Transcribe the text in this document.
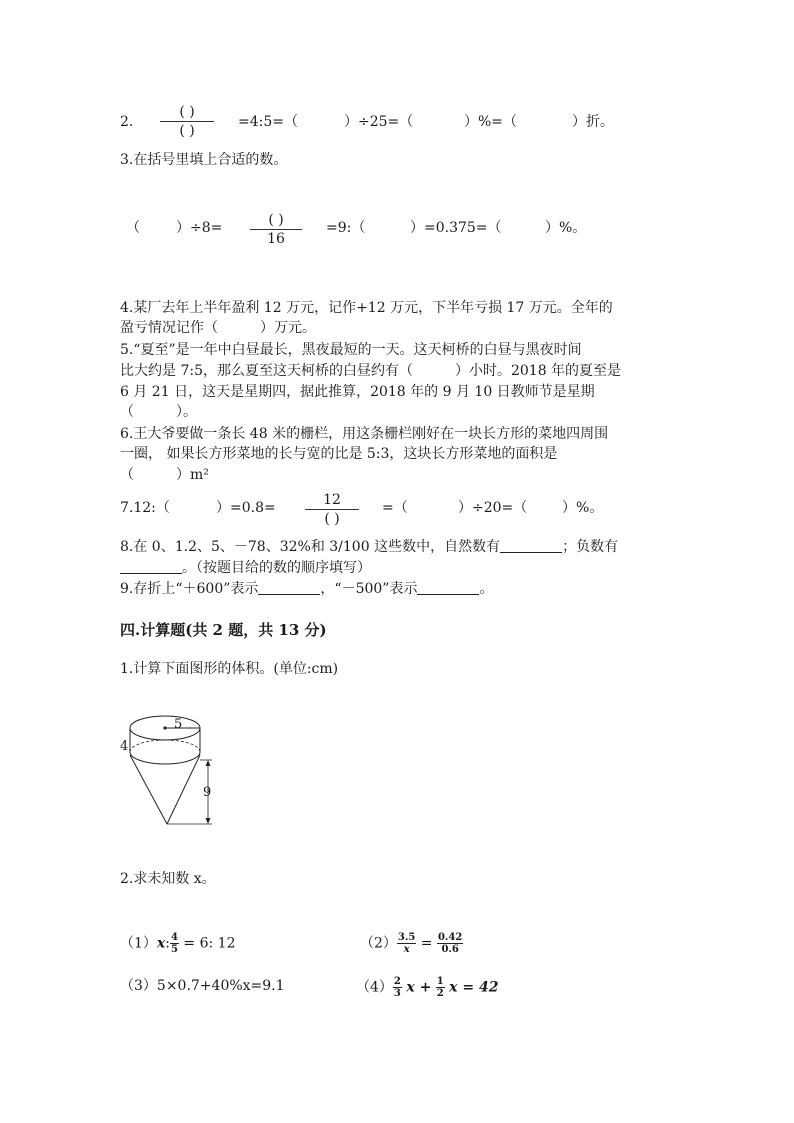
2.
( )
( )
=4:5=（	）÷25=（	）%=（	）折。
3.在括号里填上合适的数。
（	）÷8=	( )
16
=9:（	）=0.375=（	）%。
4.某厂去年上半年盈利 12 万元，记作+12 万元，下半年亏损 17 万元。全年的
盈亏情况记作（　　　）万元。
5.“夏至”是一年中白昼最长，黑夜最短的一天。这天柯桥的白昼与黑夜时间
比大约是 7:5，那么夏至这天柯桥的白昼约有（　　　）小时。2018 年的夏至是
6 月 21 日，这天是星期四，据此推算，2018 年的 9 月 10 日教师节是星期
（　　　）。
6.王大爷要做一条长 48 米的栅栏，用这条栅栏刚好在一块长方形的菜地四周围
一圈， 如果长方形菜地的长与宽的比是 5:3，这块长方形菜地的面积是
（　　　）m²
7.12:（	）=0.8=	12
( )
=（	）÷20=（ ）%。
8.在 0、1.2、5、－78、32%和 3/100 这些数中，自然数有	；负数有
。（按题目给的数的顺序填写）
9.存折上“＋600”表示	，“－500”表示	。
四.计算题(共 2 题，共 13 分)
1.计算下面图形的体积。(单位:cm)
5
4
9
2.求未知数 x。
（1）x: $\frac{4}{5} = 6$: 12	$(2) \frac{3.5}{x} = \frac{0.42}{0.6}$
（3）5×0.7+40%x=9.1	$(4) \frac{2}{3}$ $x + \frac{1}{2}$ x = 42
